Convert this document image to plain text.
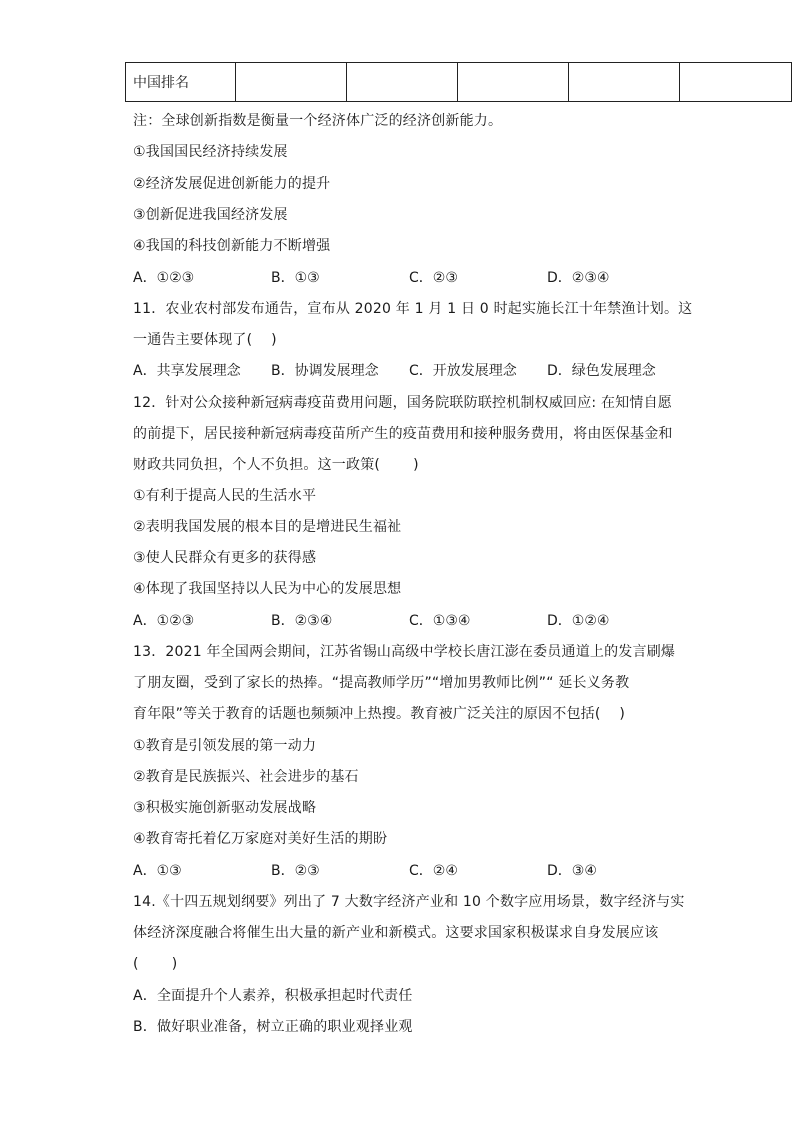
中国排名					
注：全球创新指数是衡量一个经济体广泛的经济创新能力。
①我国国民经济持续发展
②经济发展促进创新能力的提升
③创新促进我国经济发展
④我国的科技创新能力不断增强
A．①②③	B．①③	C．②③	D．②③④
11．农业农村部发布通告，宣布从 2020 年 1 月 1 日 0 时起实施长江十年禁渔计划。这
一通告主要体现了(　 )
A．共享发展理念 B．协调发展理念 C．开放发展理念 D．绿色发展理念
12．针对公众接种新冠病毒疫苗费用问题，国务院联防联控机制权威回应: 在知情自愿
的前提下，居民接种新冠病毒疫苗所产生的疫苗费用和接种服务费用，将由医保基金和
财政共同负担，个人不负担。这一政策(　　 )
①有利于提高人民的生活水平
②表明我国发展的根本目的是增进民生福祉
③使人民群众有更多的获得感
④体现了我国坚持以人民为中心的发展思想
A．①②③	B．②③④	C．①③④	D．①②④
13．2021 年全国两会期间，江苏省锡山高级中学校长唐江澎在委员通道上的发言刷爆
了朋友圈，受到了家长的热捧。“提高教师学历”“增加男教师比例”“ 延长义务教
育年限”等关于教育的话题也频频冲上热搜。教育被广泛关注的原因不包括(　 )
①教育是引领发展的第一动力
②教育是民族振兴、社会进步的基石
③积极实施创新驱动发展战略
④教育寄托着亿万家庭对美好生活的期盼
A．①③	B．②③	C．②④	D．③④
14.《十四五规划纲要》列出了 7 大数字经济产业和 10 个数字应用场景，数字经济与实
体经济深度融合将催生出大量的新产业和新模式。这要求国家积极谋求自身发展应该
(　　 )
A．全面提升个人素养，积极承担起时代责任
B．做好职业准备，树立正确的职业观择业观
